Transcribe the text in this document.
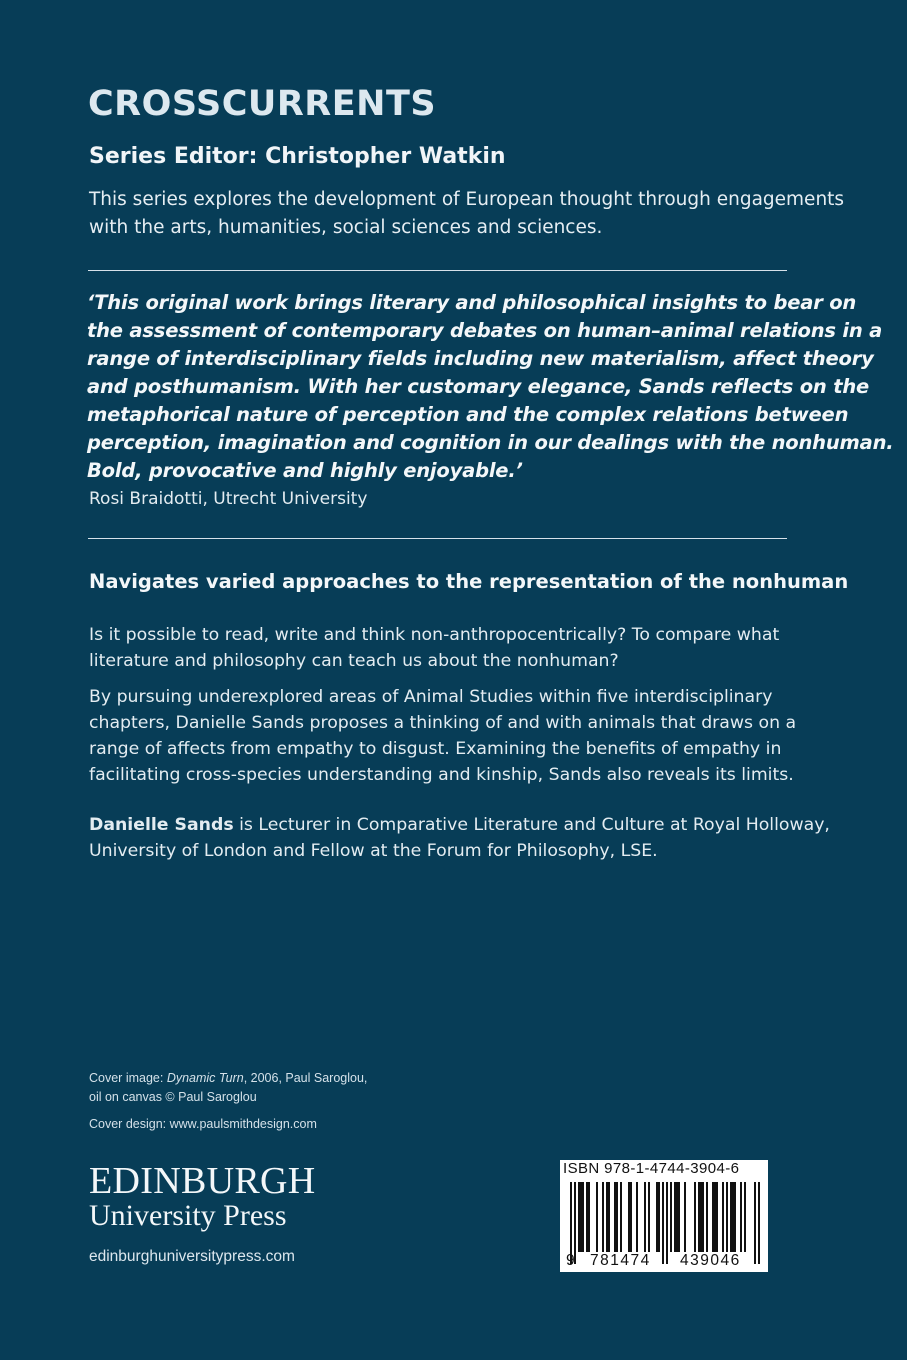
CROSSCURRENTS
Series Editor: Christopher Watkin
This series explores the development of European thought through engagements
with the arts, humanities, social sciences and sciences.
‘This original work brings literary and philosophical insights to bear on
the assessment of contemporary debates on human–animal relations in a
range of interdisciplinary fields including new materialism, affect theory
and posthumanism. With her customary elegance, Sands reflects on the
metaphorical nature of perception and the complex relations between
perception, imagination and cognition in our dealings with the nonhuman.
Bold, provocative and highly enjoyable.’
Rosi Braidotti, Utrecht University
Navigates varied approaches to the representation of the nonhuman
Is it possible to read, write and think non-anthropocentrically? To compare what
literature and philosophy can teach us about the nonhuman?
By pursuing underexplored areas of Animal Studies within five interdisciplinary
chapters, Danielle Sands proposes a thinking of and with animals that draws on a
range of affects from empathy to disgust. Examining the benefits of empathy in
facilitating cross-species understanding and kinship, Sands also reveals its limits.
Danielle Sands is Lecturer in Comparative Literature and Culture at Royal Holloway,
University of London and Fellow at the Forum for Philosophy, LSE.
Cover image: Dynamic Turn, 2006, Paul Saroglou,
oil on canvas © Paul Saroglou
Cover design: www.paulsmithdesign.com
EDINBURGH
University Press
edinburghuniversitypress.com
ISBN 978-1-4744-3904-6
9 781474 439046
